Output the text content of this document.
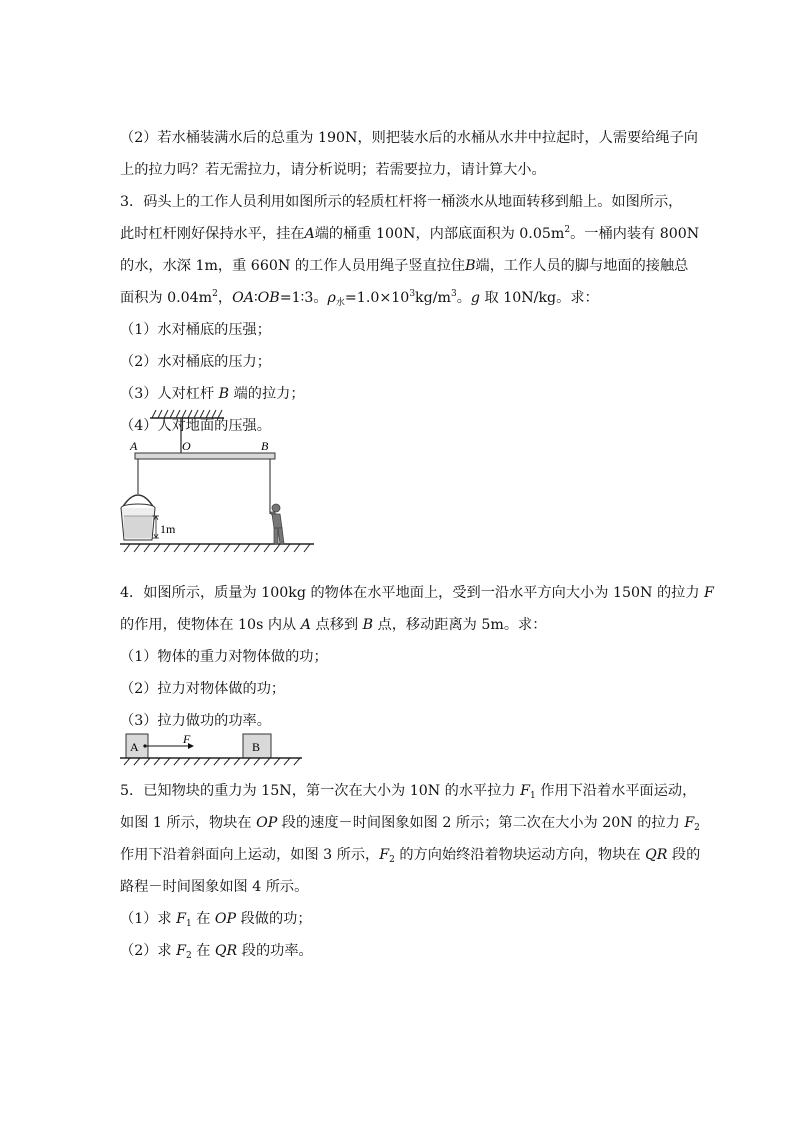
（2）若水桶装满水后的总重为 190N，则把装水后的水桶从水井中拉起时，人需要给绳子向
上的拉力吗？若无需拉力，请分析说明；若需要拉力，请计算大小。
3．码头上的工作人员利用如图所示的轻质杠杆将一桶淡水从地面转移到船上。如图所示，
此时杠杆刚好保持水平，挂在A端的桶重 100N，内部底面积为 $0.05m^2$。一桶内装有 800N
的水，水深 1m，重 660N 的工作人员用绳子竖直拉住B端，工作人员的脚与地面的接触总
面积为 $0.04m^2$，OA∶OB=1∶3。$\rho_水=1.0\times 10^3kg/m^3$。g 取 10N/kg。求：
（1）水对桶底的压强；
（2）水对桶底的压力；
（3）人对杠杆 B 端的拉力；
（4）人对地面的压强。
A	O	B
1m
4．如图所示，质量为 100kg 的物体在水平地面上，受到一沿水平方向大小为 150N 的拉力 F
的作用，使物体在 10s 内从 A 点移到 B 点，移动距离为 5m。求：
（1）物体的重力对物体做的功；
（2）拉力对物体做的功；
（3）拉力做功的功率。
A
F
B
5．已知物块的重力为 15N，第一次在大小为 10N 的水平拉力 $F_1$ 作用下沿着水平面运动，
如图 1 所示，物块在 OP 段的速度－时间图象如图 2 所示；第二次在大小为 20N 的拉力 $F_2$
作用下沿着斜面向上运动，如图 3 所示，$F_2$ 的方向始终沿着物块运动方向，物块在 QR 段的
路程－时间图象如图 4 所示。
（1）求 $F_1$ 在 OP 段做的功；
（2）求 $F_2$ 在 QR 段的功率。
